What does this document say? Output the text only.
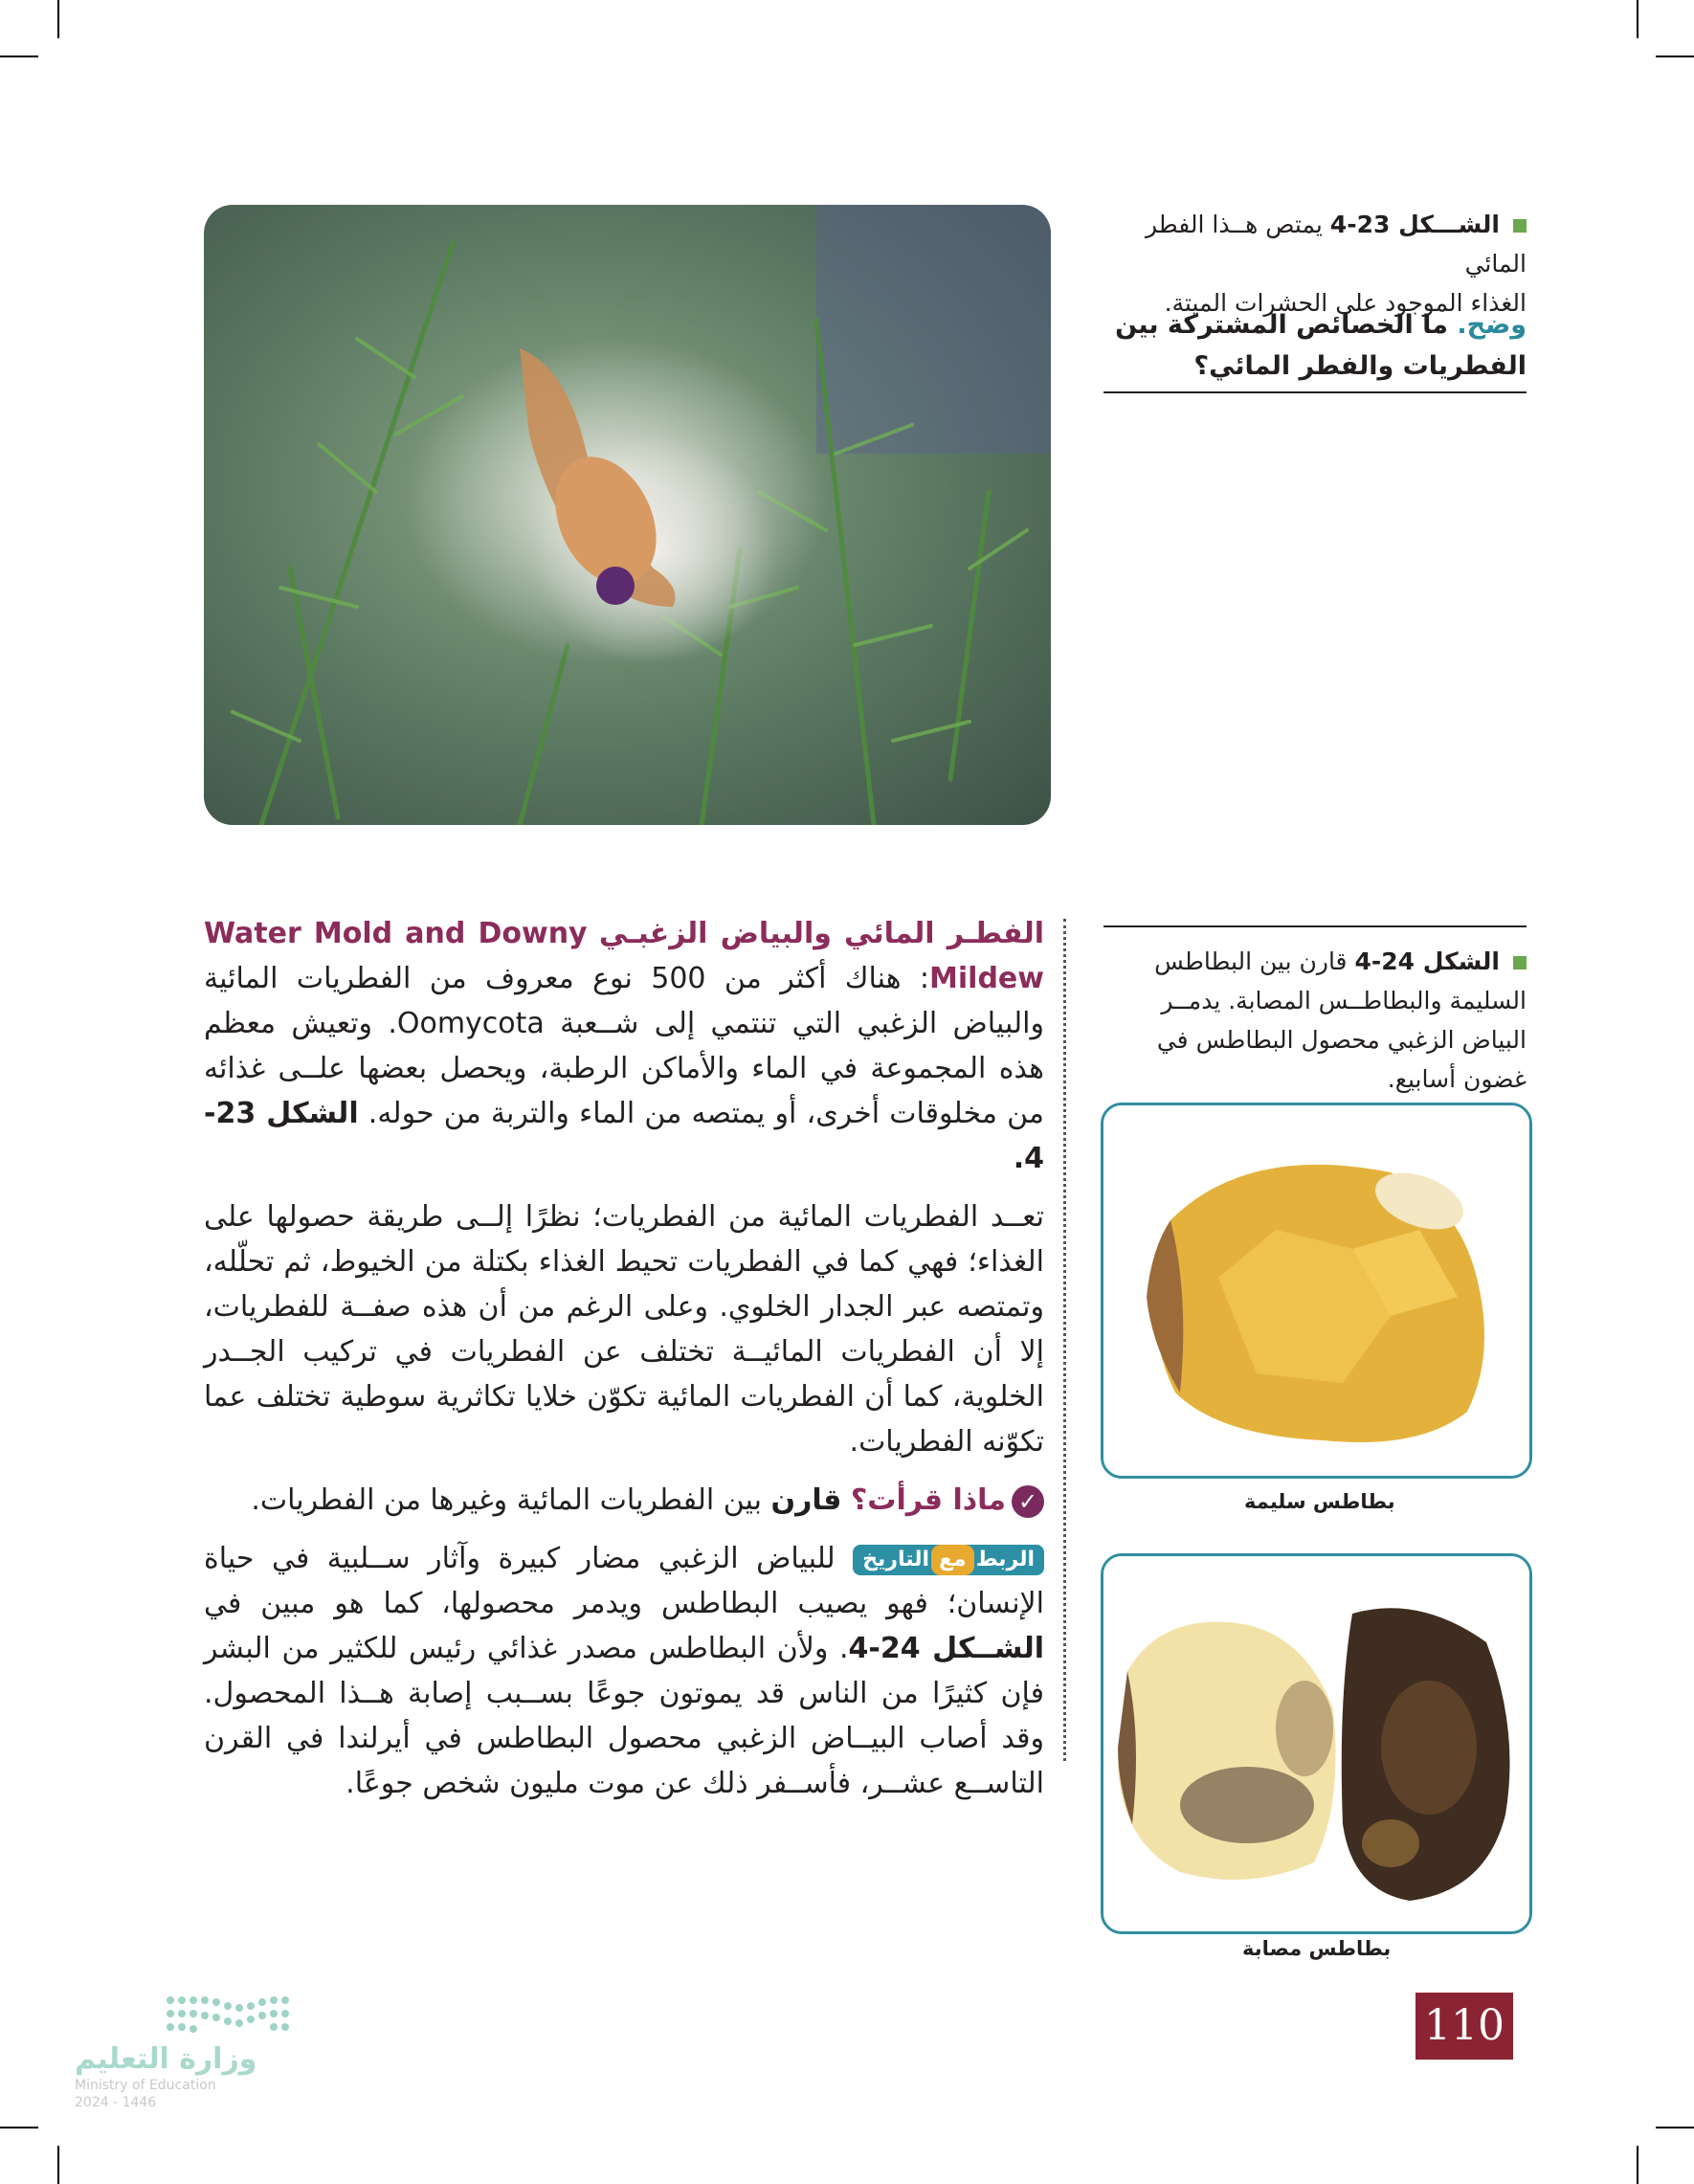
الشـــكل 23-4 يمتص هــذا الفطر المائي
الغذاء الموجود على الحشرات الميتة.
وضح. ما الخصائص المشتركة بين الفطريات والفطر المائي؟
الشكل 24-4 قارن بين البطاطس السليمة والبطاطــس المصابة. يدمــر البياض الزغبي محصول البطاطس في غضون أسابيع.
بطاطس سليمة
بطاطس مصابة

الفطـر المائي والبياض الزغبـي Water Mold and Downy Mildew: هناك أكثر من 500 نوع معروف من الفطريات المائية والبياض الزغبي التي تنتمي إلى شــعبة Oomycota. وتعيش معظم هذه المجموعة في الماء والأماكن الرطبة، ويحصل بعضها علــى غذائه من مخلوقات أخرى، أو يمتصه من الماء والتربة من حوله. الشكل 23-4.

تعــد الفطريات المائية من الفطريات؛ نظرًا إلــى طريقة حصولها على الغذاء؛ فهي كما في الفطريات تحيط الغذاء بكتلة من الخيوط، ثم تحلّله، وتمتصه عبر الجدار الخلوي. وعلى الرغم من أن هذه صفــة للفطريات، إلا أن الفطريات المائيــة تختلف عن الفطريات في تركيب الجــدر الخلوية، كما أن الفطريات المائية تكوّن خلايا تكاثرية سوطية تختلف عما تكوّنه الفطريات.

✓ماذا قرأت؟ قارن بين الفطريات المائية وغيرها من الفطريات.

الربطمعالتاريخ للبياض الزغبي مضار كبيرة وآثار ســلبية في حياة الإنسان؛ فهو يصيب البطاطس ويدمر محصولها، كما هو مبين في الشــكل 24-4. ولأن البطاطس مصدر غذائي رئيس للكثير من البشر فإن كثيرًا من الناس قد يموتون جوعًا بســبب إصابة هــذا المحصول. وقد أصاب البيــاض الزغبي محصول البطاطس في أيرلندا في القرن التاســع عشــر، فأســفر ذلك عن موت مليون شخص جوعًا.

110
وزارة التعليم
Ministry of Education
2024 - 1446
